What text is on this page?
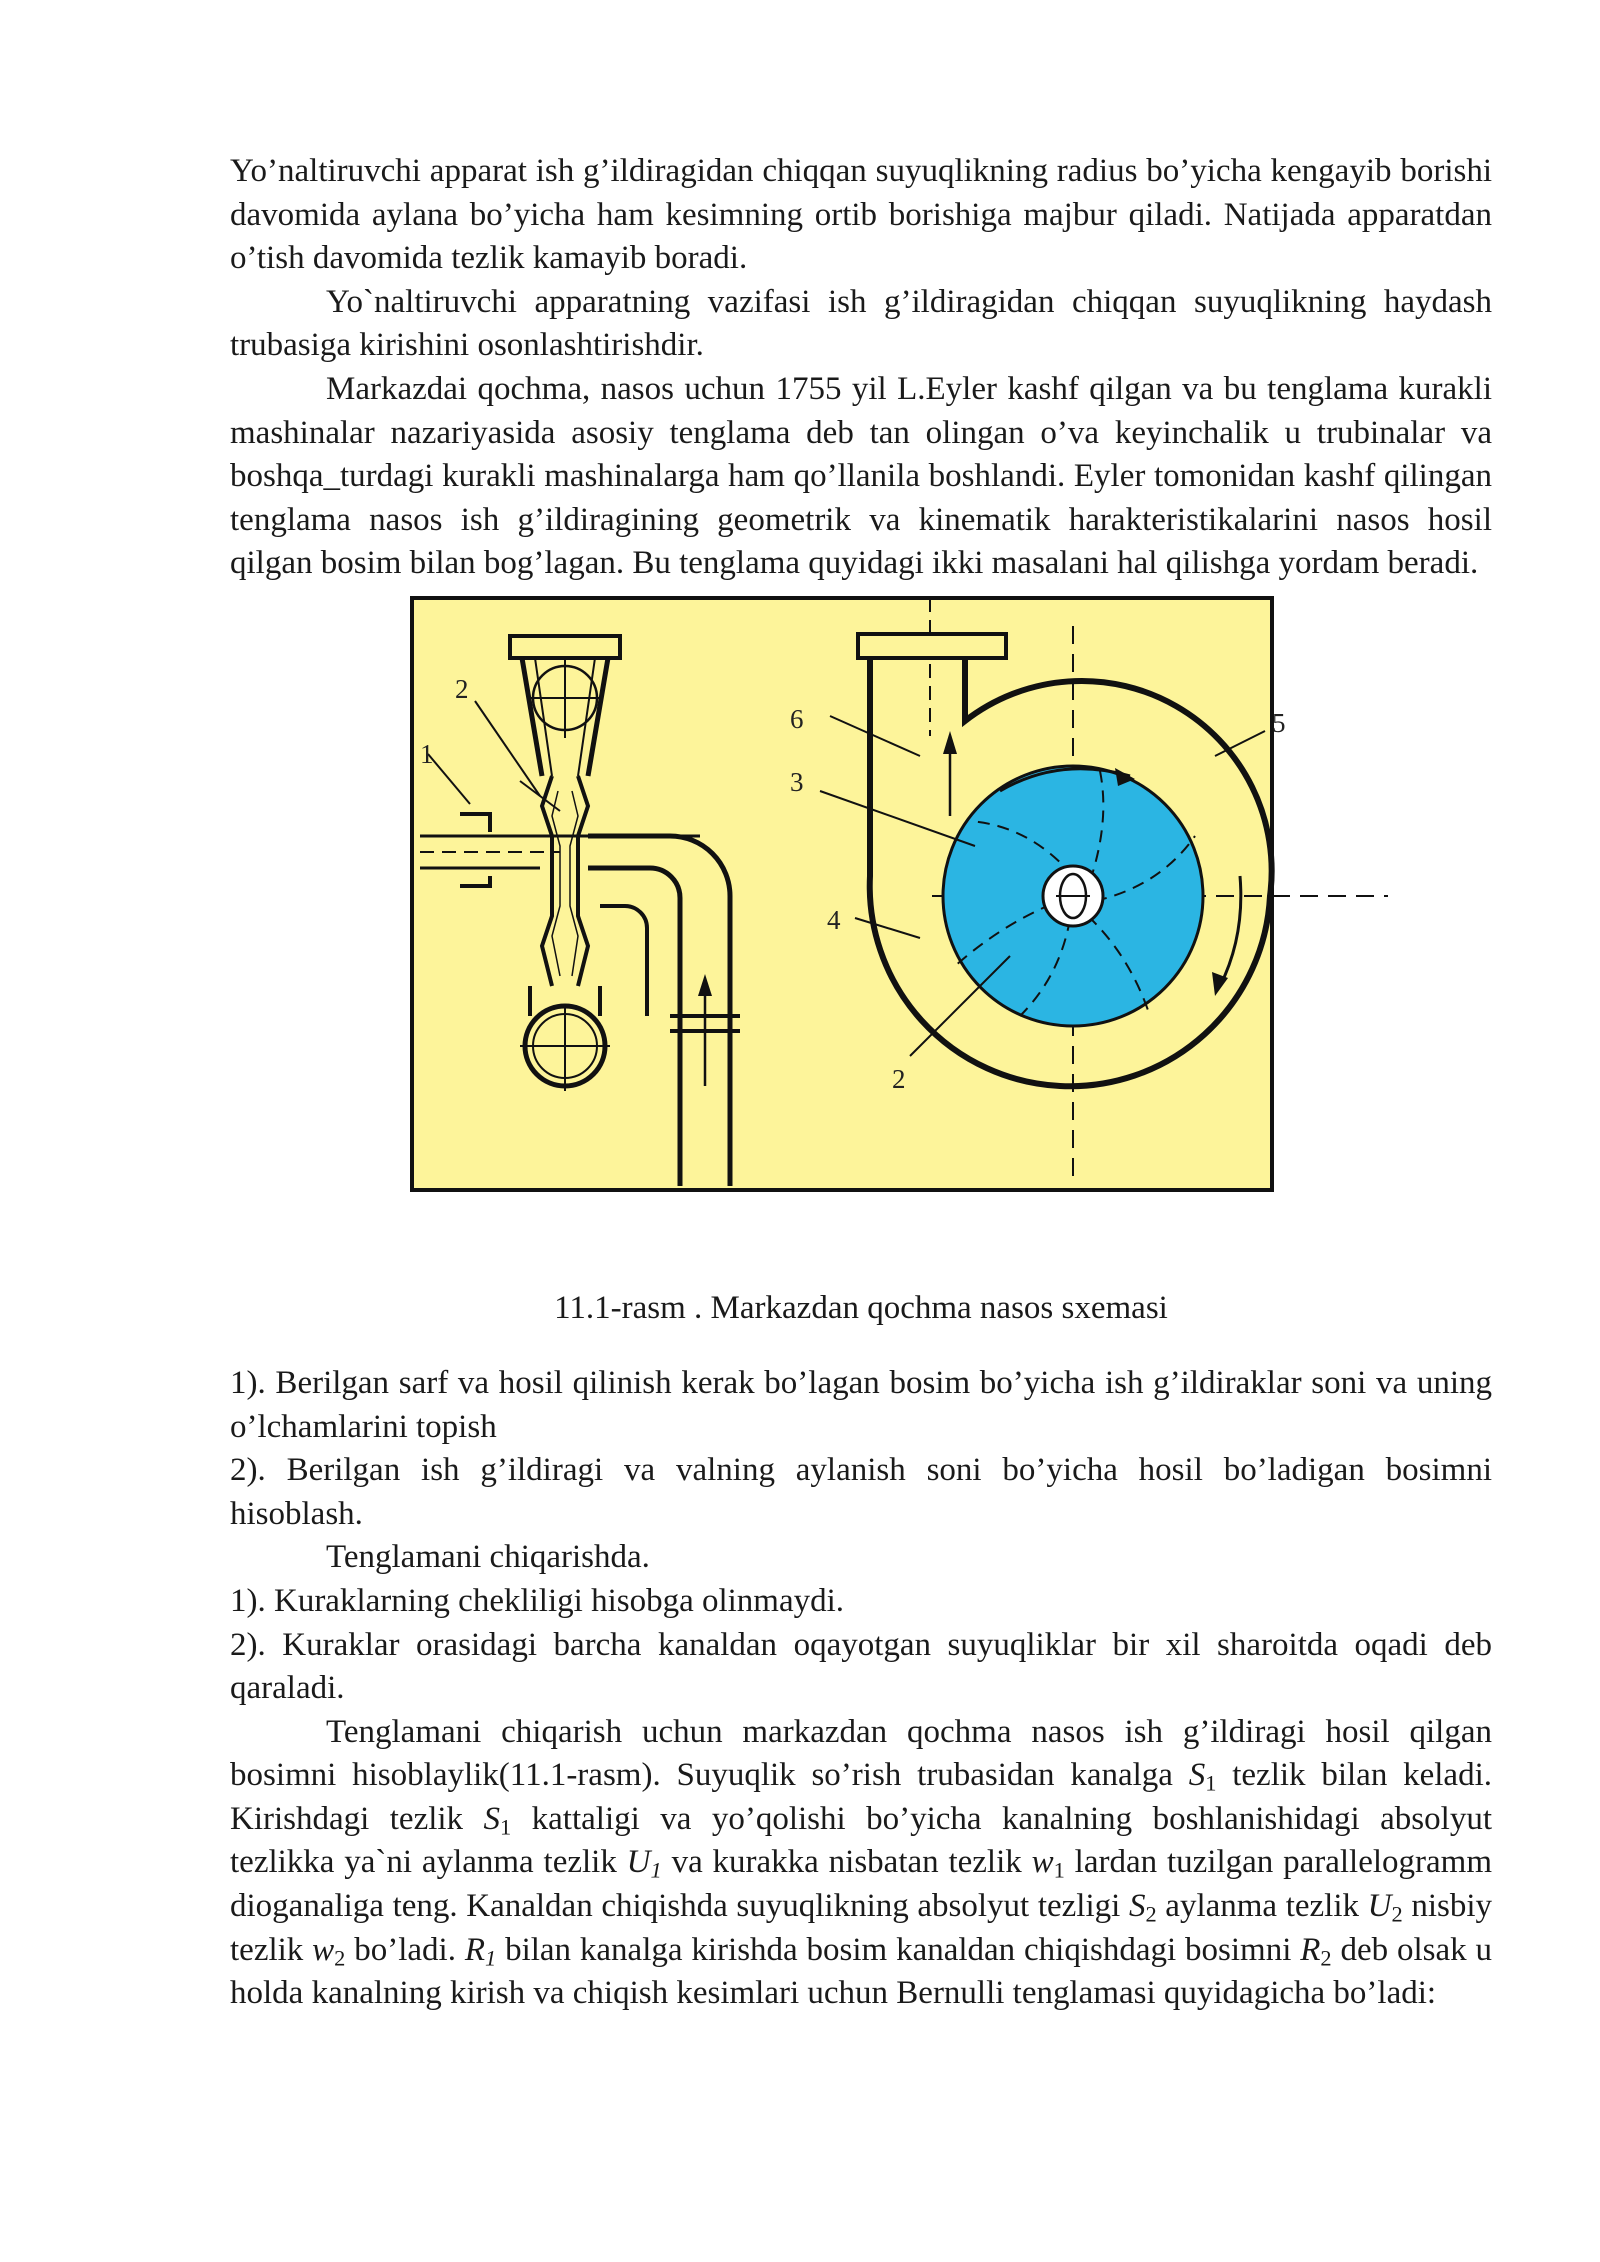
Yo’naltiruvchi apparat ish g’ildiragidan chiqqan suyuqlikning radius bo’yicha kengayib borishi davomida aylana bo’yicha ham kesimning ortib borishiga majbur qiladi. Natijada apparatdan o’tish davomida tezlik kamayib boradi.

Yo`naltiruvchi apparatning vazifasi ish g’ildiragidan chiqqan suyuqlikning haydash trubasiga kirishini osonlashtirishdir.

Markazdai qochma, nasos uchun 1755 yil L.Eyler kashf qilgan va bu tenglama kurakli mashinalar nazariyasida asosiy tenglama deb tan olingan o’va keyinchalik u trubinalar va boshqa_turdagi kurakli mashinalarga ham qo’llanila boshlandi. Eyler tomonidan kashf qilingan tenglama nasos ish g’ildiragining geometrik va kinematik harakteristikalarini nasos hosil qilgan bosim bilan bog’lagan. Bu tenglama quyidagi ikki masalani hal qilishga yordam beradi.

1
2
3
4
5
6
2

11.1-rasm . Markazdan qochma nasos sxemasi

1). Berilgan sarf va hosil qilinish kerak bo’lagan bosim bo’yicha ish g’ildiraklar soni va uning o’lchamlarini topish

2). Berilgan ish g’ildiragi va valning aylanish soni bo’yicha hosil bo’ladigan bosimni hisoblash.

Tenglamani chiqarishda.

1). Kuraklarning chekliligi hisobga olinmaydi.

2). Kuraklar orasidagi barcha kanaldan oqayotgan suyuqliklar bir xil sharoitda oqadi deb qaraladi.

Tenglamani chiqarish uchun markazdan qochma nasos ish g’ildiragi hosil qilgan bosimni hisoblaylik(11.1-rasm). Suyuqlik so’rish trubasidan kanalga $S_1$ tezlik bilan keladi. Kirishdagi tezlik $S_1$ kattaligi va yo’qolishi bo’yicha kanalning boshlanishidagi absolyut tezlikka ya`ni aylanma tezlik $U_1$ va kurakka nisbatan tezlik $w_1$ lardan tuzilgan parallelogramm dioganaliga teng. Kanaldan chiqishda suyuqlikning absolyut tezligi $S_2$ aylanma tezlik $U_2$ nisbiy tezlik $w_2$ bo’ladi. $R_1$ bilan kanalga kirishda bosim kanaldan chiqishdagi bosimni $R_2$ deb olsak u holda kanalning kirish va chiqish kesimlari uchun Bernulli tenglamasi quyidagicha bo’ladi:
